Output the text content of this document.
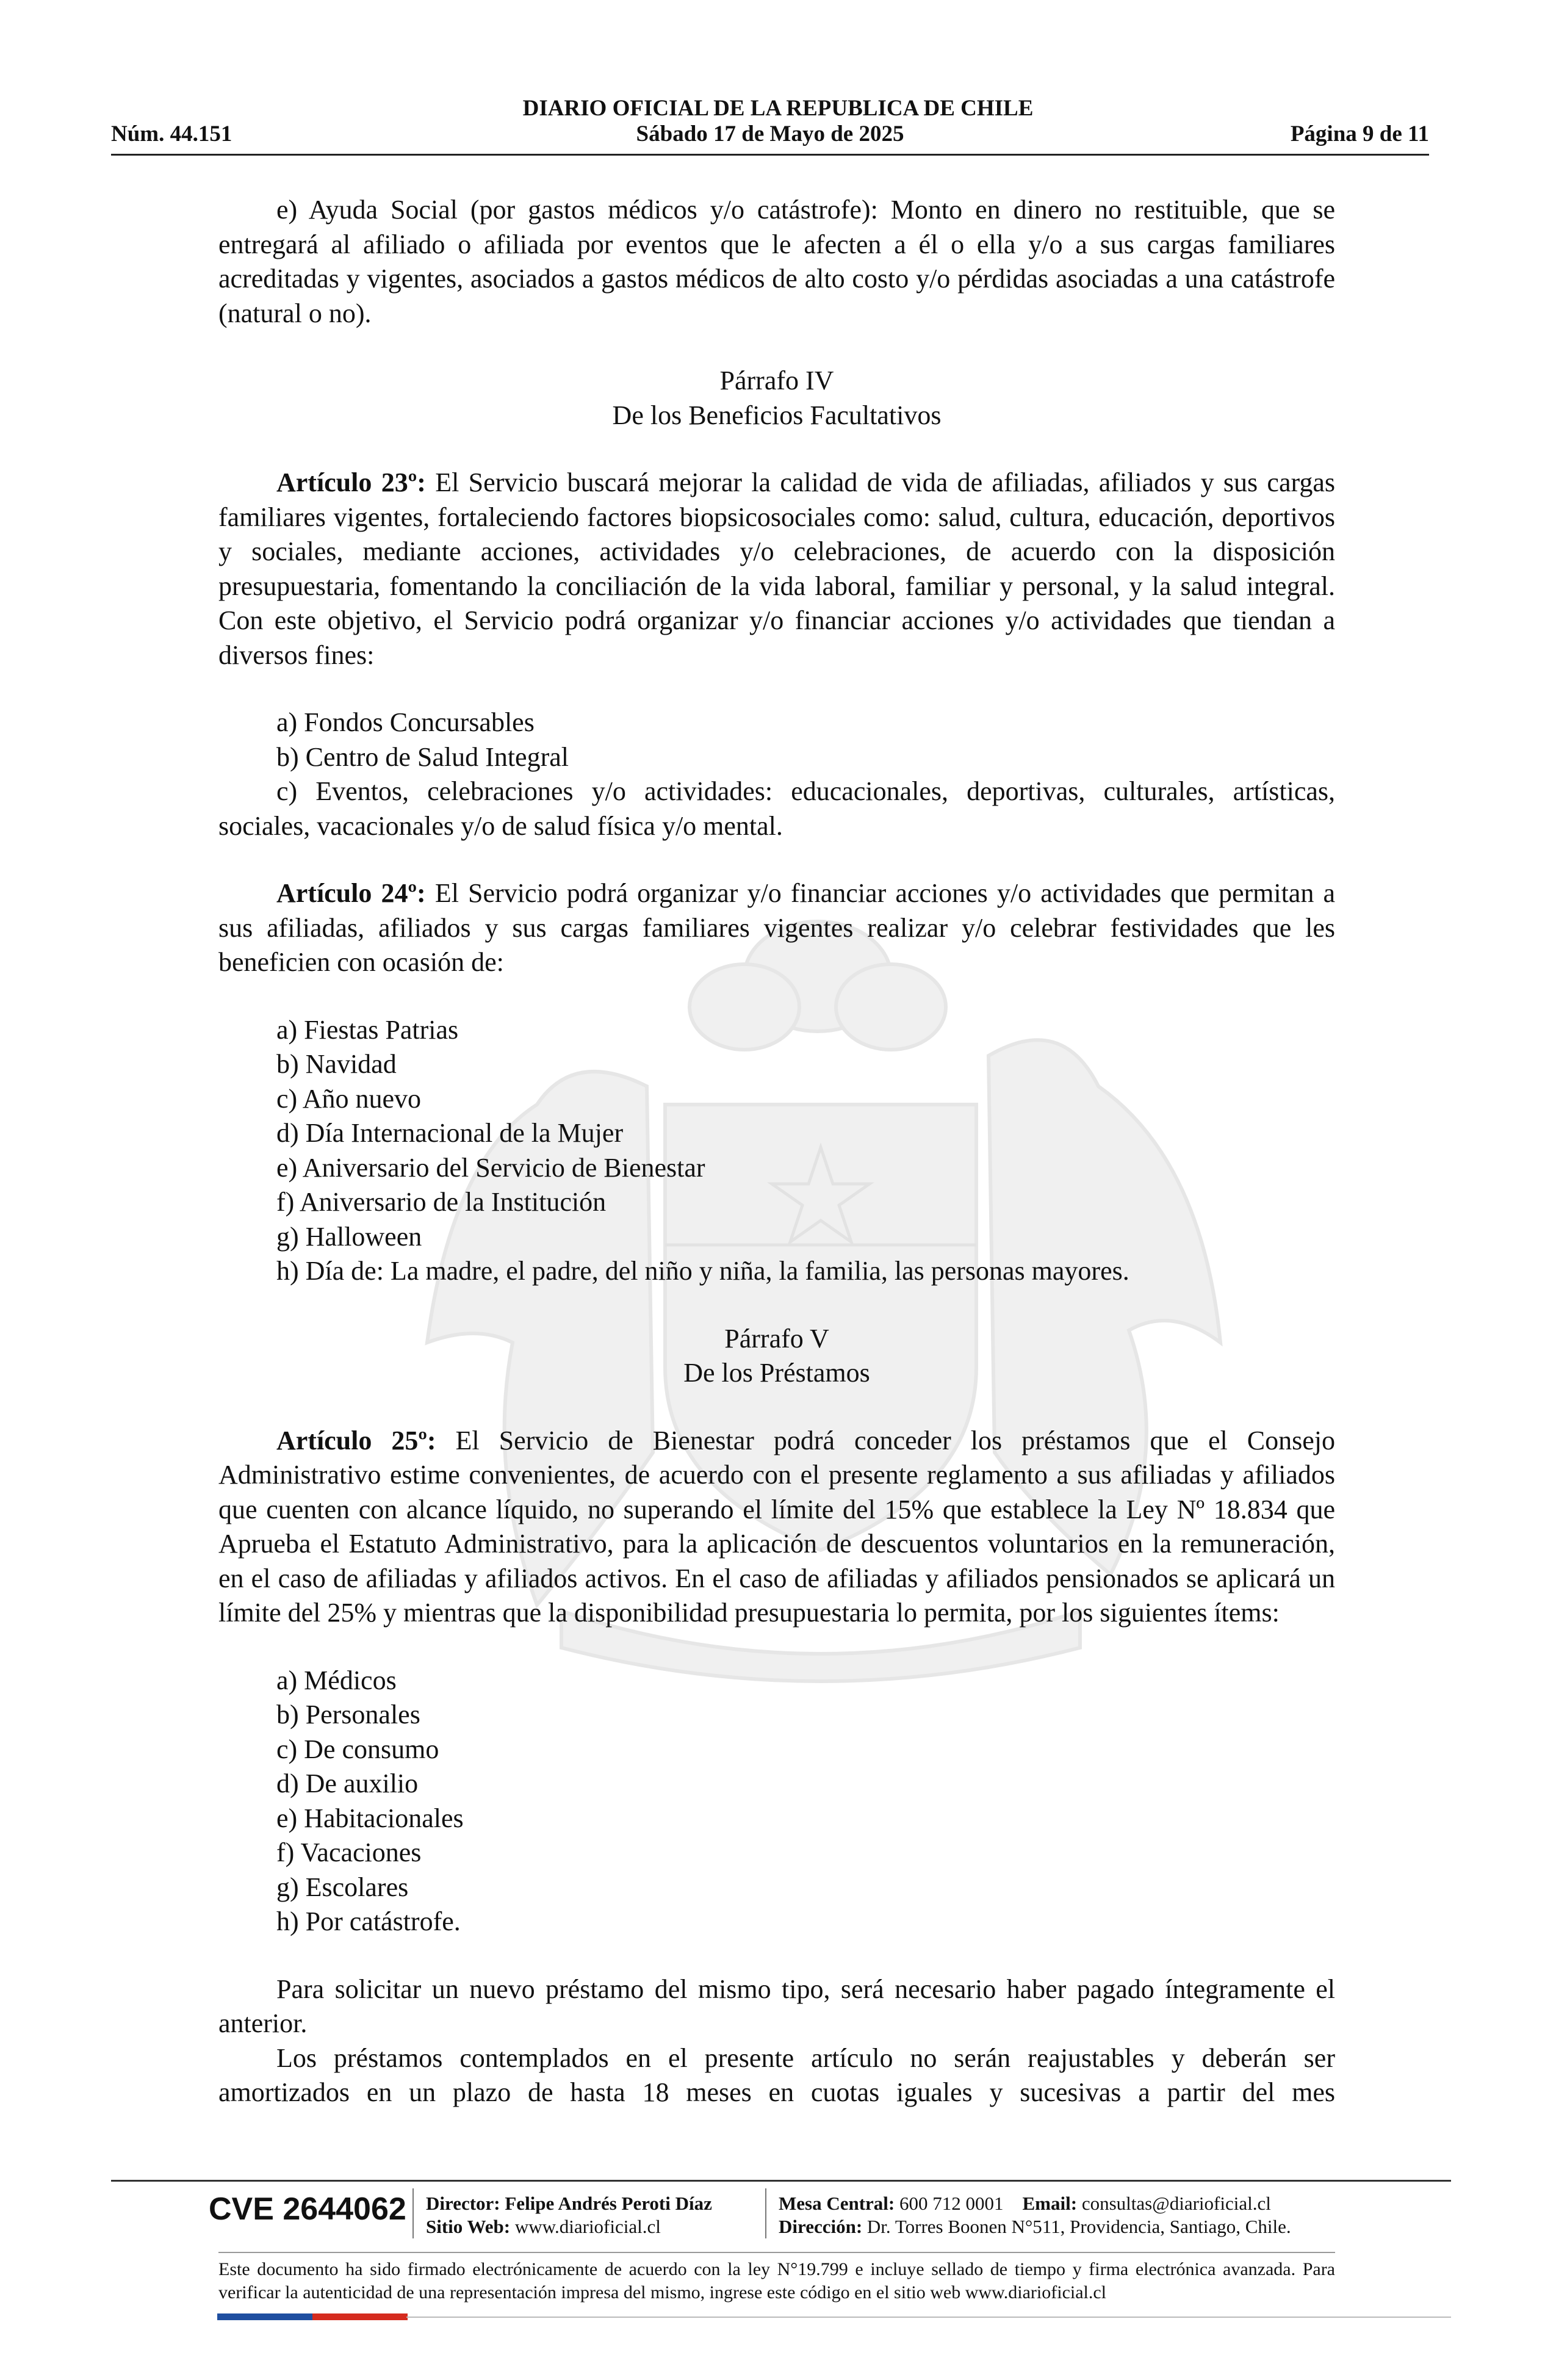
DIARIO OFICIAL DE LA REPUBLICA DE CHILE
Núm. 44.151	Sábado 17 de Mayo de 2025	Página 9 de 11

e) Ayuda Social (por gastos médicos y/o catástrofe): Monto en dinero no restituible, que se entregará al afiliado o afiliada por eventos que le afecten a él o ella y/o a sus cargas familiares acreditadas y vigentes, asociados a gastos médicos de alto costo y/o pérdidas asociadas a una catástrofe (natural o no).

Párrafo IV
De los Beneficios Facultativos

Artículo 23º: El Servicio buscará mejorar la calidad de vida de afiliadas, afiliados y sus cargas familiares vigentes, fortaleciendo factores biopsicosociales como: salud, cultura, educación, deportivos y sociales, mediante acciones, actividades y/o celebraciones, de acuerdo con la disposición presupuestaria, fomentando la conciliación de la vida laboral, familiar y personal, y la salud integral. Con este objetivo, el Servicio podrá organizar y/o financiar acciones y/o actividades que tiendan a diversos fines:

a) Fondos Concursables
b) Centro de Salud Integral

c) Eventos, celebraciones y/o actividades: educacionales, deportivas, culturales, artísticas, sociales, vacacionales y/o de salud física y/o mental.

Artículo 24º: El Servicio podrá organizar y/o financiar acciones y/o actividades que permitan a sus afiliadas, afiliados y sus cargas familiares vigentes realizar y/o celebrar festividades que les beneficien con ocasión de:

a) Fiestas Patrias
b) Navidad
c) Año nuevo
d) Día Internacional de la Mujer
e) Aniversario del Servicio de Bienestar
f) Aniversario de la Institución
g) Halloween
h) Día de: La madre, el padre, del niño y niña, la familia, las personas mayores.
Párrafo V
De los Préstamos

Artículo 25º: El Servicio de Bienestar podrá conceder los préstamos que el Consejo Administrativo estime convenientes, de acuerdo con el presente reglamento a sus afiliadas y afiliados que cuenten con alcance líquido, no superando el límite del 15% que establece la Ley Nº 18.834 que Aprueba el Estatuto Administrativo, para la aplicación de descuentos voluntarios en la remuneración, en el caso de afiliadas y afiliados activos. En el caso de afiliadas y afiliados pensionados se aplicará un límite del 25% y mientras que la disponibilidad presupuestaria lo permita, por los siguientes ítems:

a) Médicos
b) Personales
c) De consumo
d) De auxilio
e) Habitacionales
f) Vacaciones
g) Escolares
h) Por catástrofe.

Para solicitar un nuevo préstamo del mismo tipo, será necesario haber pagado íntegramente el anterior.

Los préstamos contemplados en el presente artículo no serán reajustables y deberán ser amortizados en un plazo de hasta 18 meses en cuotas iguales y sucesivas a partir del mes

CVE 2644062 Director: Felipe Andrés Peroti Díaz
Sitio Web: www.diarioficial.cl
Mesa Central: 600 712 0001 Email: consultas@diarioficial.cl
Dirección: Dr. Torres Boonen N°511, Providencia, Santiago, Chile.
Este documento ha sido firmado electrónicamente de acuerdo con la ley N°19.799 e incluye sellado de tiempo y firma electrónica avanzada. Para verificar la autenticidad de una representación impresa del mismo, ingrese este código en el sitio web www.diarioficial.cl
